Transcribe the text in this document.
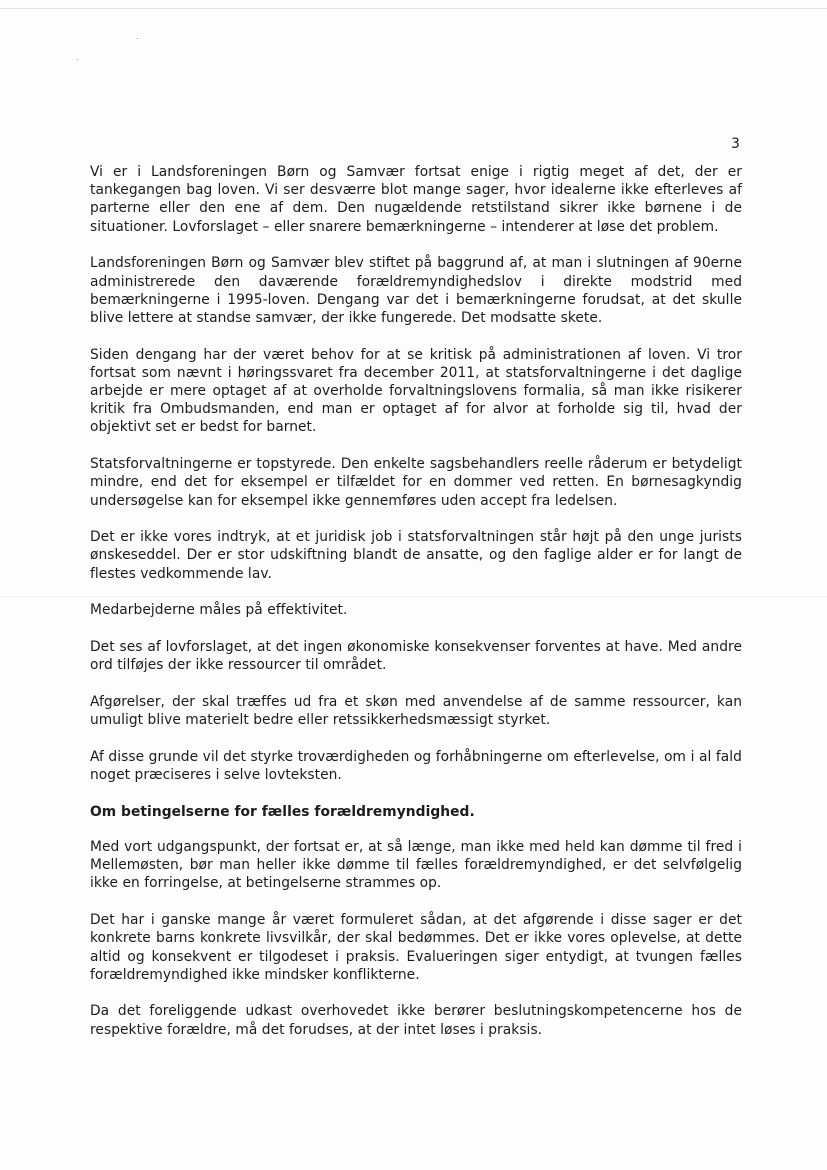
3

Vi er i Landsforeningen Børn og Samvær fortsat enige i rigtig meget af det, der er tankegangen bag loven. Vi ser desværre blot mange sager, hvor idealerne ikke efterleves af parterne eller den ene af dem. Den nugældende retstilstand sikrer ikke børnene i de situationer. Lovforslaget – eller snarere bemærkningerne – intenderer at løse det problem.

Landsforeningen Børn og Samvær blev stiftet på baggrund af, at man i slutningen af 90erne administrerede den daværende forældremyndighedslov i direkte modstrid med bemærkningerne i 1995-loven. Dengang var det i bemærkningerne forudsat, at det skulle blive lettere at standse samvær, der ikke fungerede. Det modsatte skete.

Siden dengang har der været behov for at se kritisk på administrationen af loven. Vi tror fortsat som nævnt i høringssvaret fra december 2011, at statsforvaltningerne i det daglige arbejde er mere optaget af at overholde forvaltningslovens formalia, så man ikke risikerer kritik fra Ombudsmanden, end man er optaget af for alvor at forholde sig til, hvad der objektivt set er bedst for barnet.

Statsforvaltningerne er topstyrede. Den enkelte sagsbehandlers reelle råderum er betydeligt mindre, end det for eksempel er tilfældet for en dommer ved retten. En børnesagkyndig undersøgelse kan for eksempel ikke gennemføres uden accept fra ledelsen.

Det er ikke vores indtryk, at et juridisk job i statsforvaltningen står højt på den unge jurists ønskeseddel. Der er stor udskiftning blandt de ansatte, og den faglige alder er for langt de flestes vedkommende lav.

Medarbejderne måles på effektivitet.

Det ses af lovforslaget, at det ingen økonomiske konsekvenser forventes at have. Med andre ord tilføjes der ikke ressourcer til området.

Afgørelser, der skal træffes ud fra et skøn med anvendelse af de samme ressourcer, kan umuligt blive materielt bedre eller retssikkerhedsmæssigt styrket.

Af disse grunde vil det styrke troværdigheden og forhåbningerne om efterlevelse, om i al fald noget præciseres i selve lovteksten.

Om betingelserne for fælles forældremyndighed.

Med vort udgangspunkt, der fortsat er, at så længe, man ikke med held kan dømme til fred i Mellemøsten, bør man heller ikke dømme til fælles forældremyndighed, er det selvfølgelig ikke en forringelse, at betingelserne strammes op.

Det har i ganske mange år været formuleret sådan, at det afgørende i disse sager er det konkrete barns konkrete livsvilkår, der skal bedømmes. Det er ikke vores oplevelse, at dette altid og konsekvent er tilgodeset i praksis. Evalueringen siger entydigt, at tvungen fælles forældremyndighed ikke mindsker konflikterne.

Da det foreliggende udkast overhovedet ikke berører beslutningskompetencerne hos de respektive forældre, må det forudses, at der intet løses i praksis.
